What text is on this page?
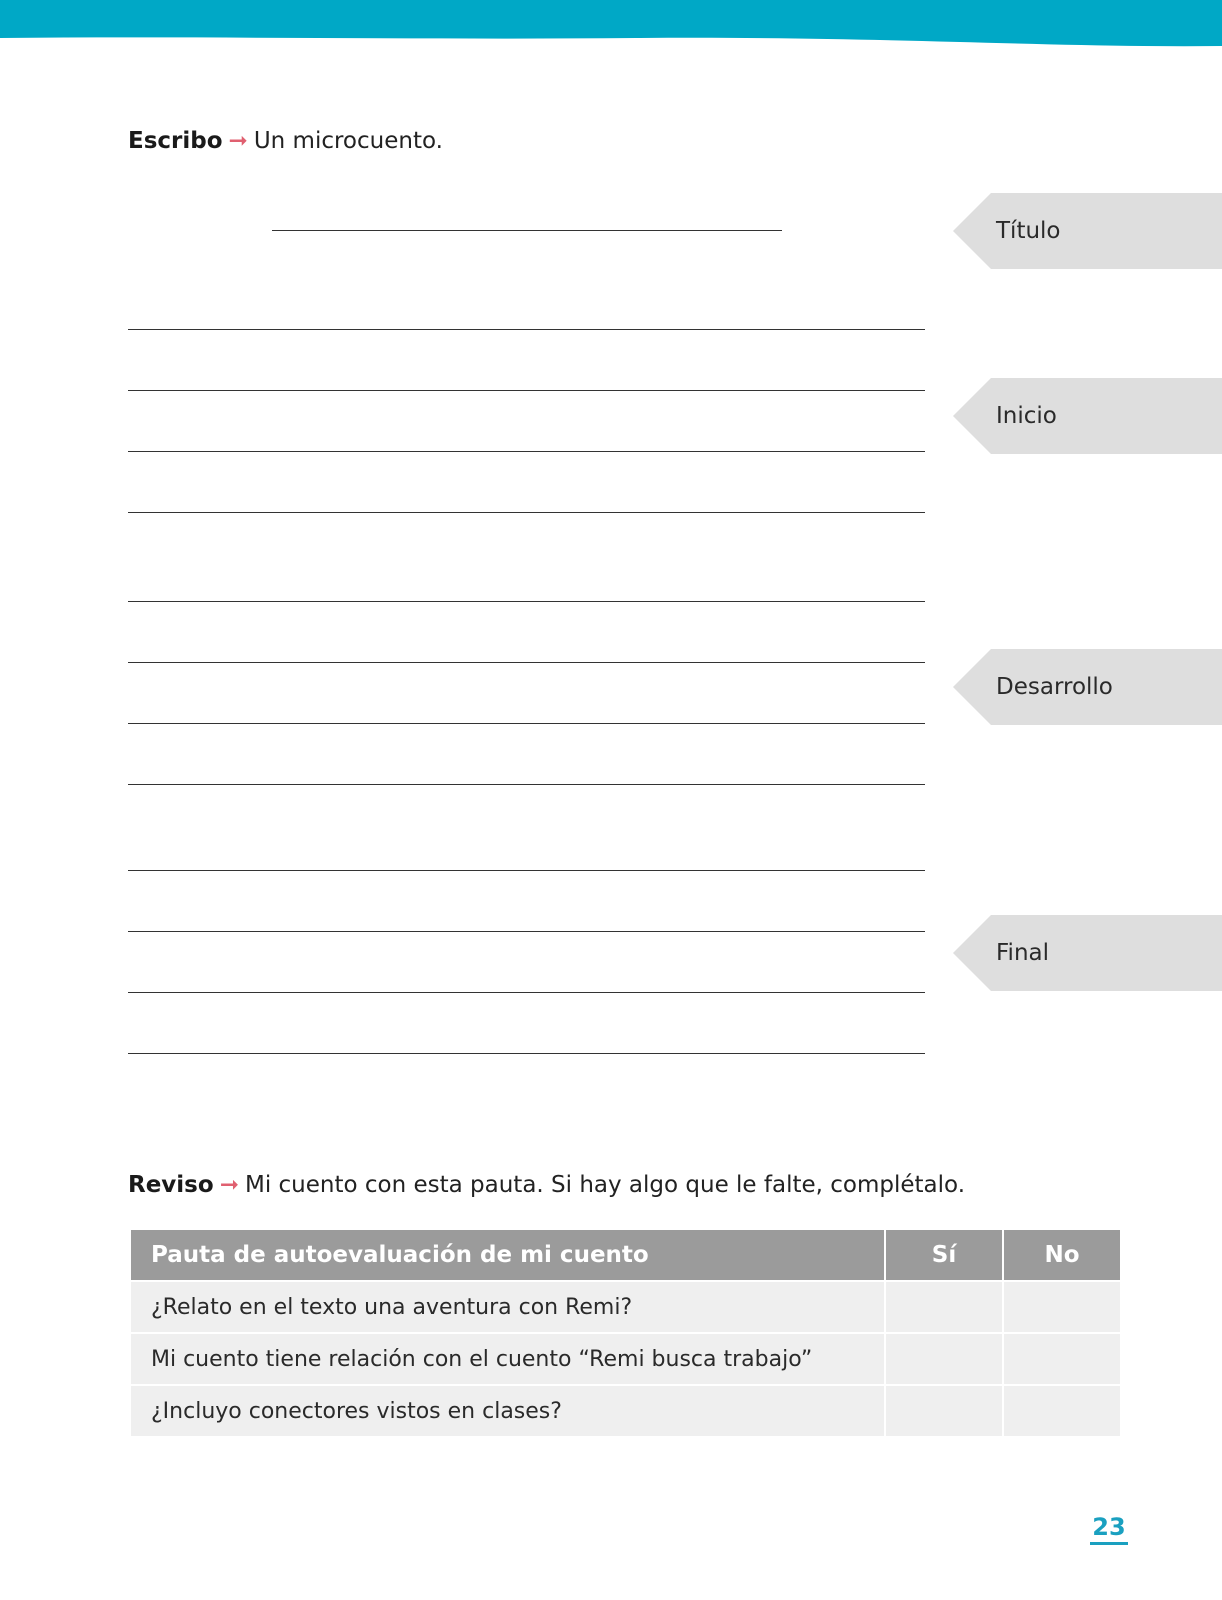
Escribo ➞ Un microcuento.
Título
Inicio
Desarrollo
Final
Reviso ➞ Mi cuento con esta pauta. Si hay algo que le falte, complétalo.
Pauta de autoevaluación de mi cuento	Sí	No
¿Relato en el texto una aventura con Remi?		
Mi cuento tiene relación con el cuento “Remi busca trabajo”		
¿Incluyo conectores vistos en clases?		
23
